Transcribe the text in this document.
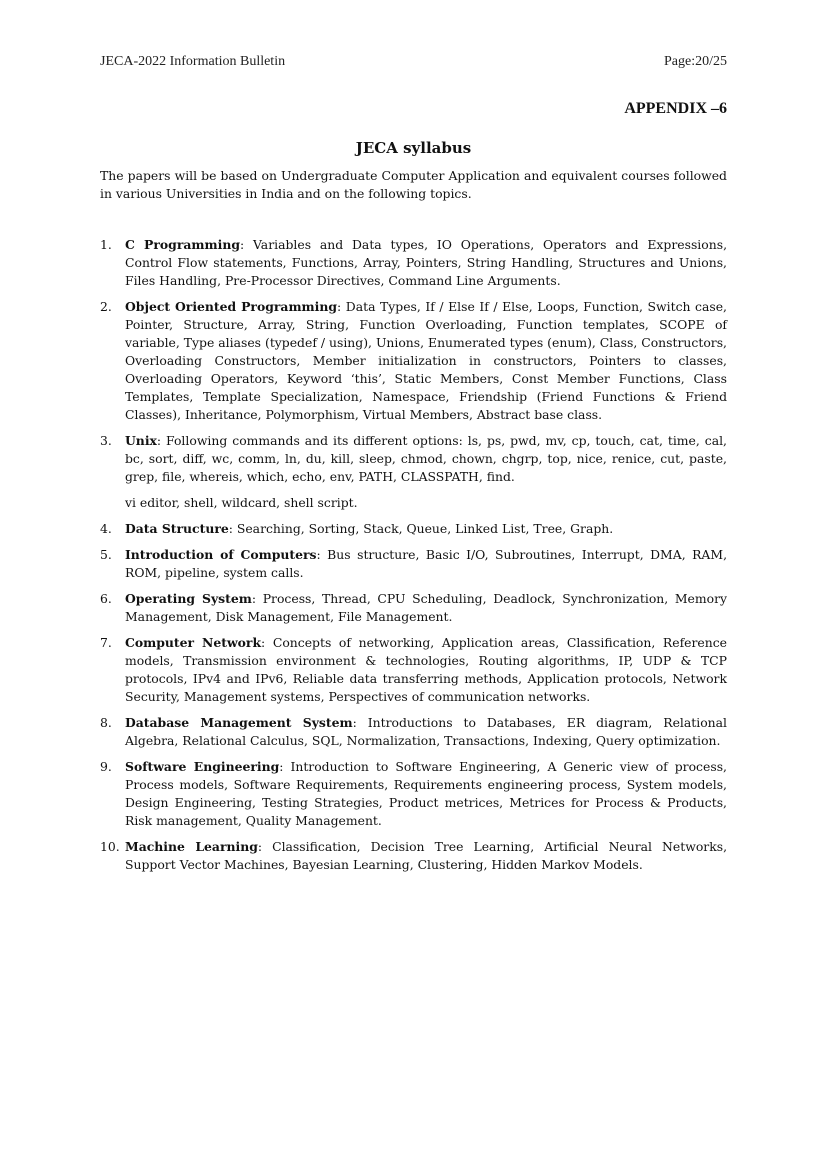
JECA-2022 Information Bulletin	Page:20/25
APPENDIX –6
JECA syllabus

The papers will be based on Undergraduate Computer Application and equivalent courses followed in various Universities in India and on the following topics.

1.	C Programming: Variables and Data types, IO Operations, Operators and Expressions, Control Flow statements, Functions, Array, Pointers, String Handling, Structures and Unions, Files Handling, Pre-Processor Directives, Command Line Arguments.
2.	Object Oriented Programming: Data Types, If / Else If / Else, Loops, Function, Switch case, Pointer, Structure, Array, String, Function Overloading, Function templates, SCOPE of variable, Type aliases (typedef / using), Unions, Enumerated types (enum), Class, Constructors, Overloading Constructors, Member initialization in constructors, Pointers to classes, Overloading Operators, Keyword ‘this’, Static Members, Const Member Functions, Class Templates, Template Specialization, Namespace, Friendship (Friend Functions & Friend Classes), Inheritance, Polymorphism, Virtual Members, Abstract base class.
3.	Unix: Following commands and its different options: ls, ps, pwd, mv, cp, touch, cat, time, cal, bc, sort, diff, wc, comm, ln, du, kill, sleep, chmod, chown, chgrp, top, nice, renice, cut, paste, grep, file, whereis, which, echo, env, PATH, CLASSPATH, find.
vi editor, shell, wildcard, shell script.
4.	Data Structure: Searching, Sorting, Stack, Queue, Linked List, Tree, Graph.
5.	Introduction of Computers: Bus structure, Basic I/O, Subroutines, Interrupt, DMA, RAM, ROM, pipeline, system calls.
6.	Operating System: Process, Thread, CPU Scheduling, Deadlock, Synchronization, Memory Management, Disk Management, File Management.
7.	Computer Network: Concepts of networking, Application areas, Classification, Reference models, Transmission environment & technologies, Routing algorithms, IP, UDP & TCP protocols, IPv4 and IPv6, Reliable data transferring methods, Application protocols, Network Security, Management systems, Perspectives of communication networks.
8.	Database Management System: Introductions to Databases, ER diagram, Relational Algebra, Relational Calculus, SQL, Normalization, Transactions, Indexing, Query optimization.
9.	Software Engineering: Introduction to Software Engineering, A Generic view of process, Process models, Software Requirements, Requirements engineering process, System models, Design Engineering, Testing Strategies, Product metrices, Metrices for Process & Products, Risk management, Quality Management.
10. Machine Learning: Classification, Decision Tree Learning, Artificial Neural Networks, Support Vector Machines, Bayesian Learning, Clustering, Hidden Markov Models.
